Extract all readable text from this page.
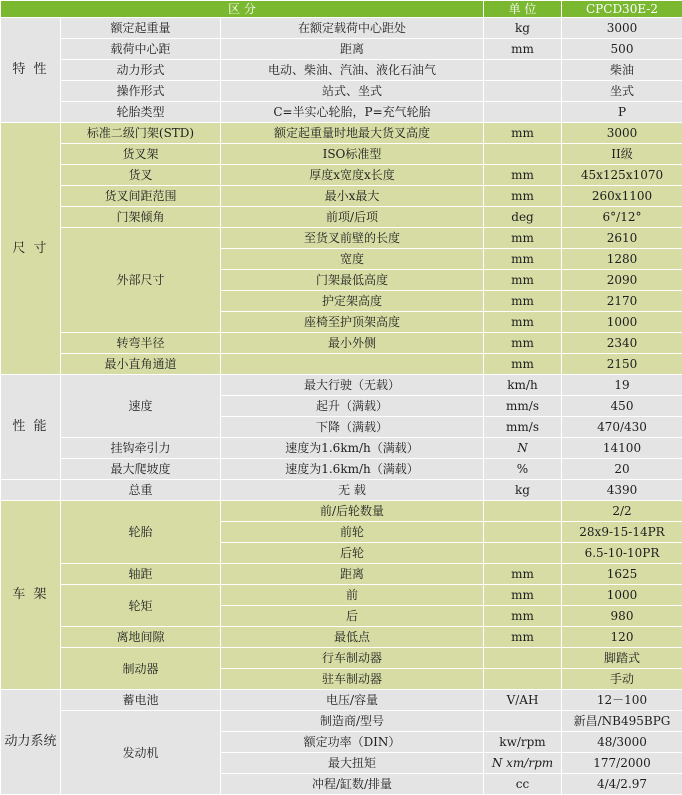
区 分			单 位	CPCD30E-2
特 性	额定起重量	在额定载荷中心距处	kg	3000
	载荷中心距	距离	mm	500
	动力形式	电动、柴油、汽油、液化石油气		柴油
	操作形式	站式、坐式		坐式
	轮胎类型	C=半实心轮胎，P=充气轮胎		P
尺 寸	标准二级门架(STD)	额定起重量时地最大货叉高度	mm	3000
	货叉架	ISO标准型		II级
	货叉	厚度x宽度x长度	mm	45x125x1070
	货叉间距范围	最小x最大	mm	260x1100
	门架倾角	前项/后项	deg	6°/12°
	外部尺寸	至货叉前壁的长度	mm	2610
		宽度	mm	1280
		门架最低高度	mm	2090
		护定架高度	mm	2170
		座椅至护顶架高度	mm	1000
	转弯半径	最小外侧	mm	2340
	最小直角通道		mm	2150
性 能	速度	最大行驶（无载）	km/h	19
		起升（满载）	mm/s	450
		下降（满载）	mm/s	470/430
	挂钩牵引力	速度为1.6km/h（满载）	N	14100
	最大爬坡度	速度为1.6km/h（满载）	%	20
	总重	无 载	kg	4390
车 架	轮胎	前/后轮数量		2/2
		前轮		28x9-15-14PR
		后轮		6.5-10-10PR
	轴距	距离	mm	1625
	轮矩	前	mm	1000
		后	mm	980
	离地间隙	最低点	mm	120
	制动器	行车制动器		脚踏式
		驻车制动器		手动
动力系统	蓄电池	电压/容量	V/AH	12－100
	发动机	制造商/型号		新昌/NB495BPG
		额定功率（DIN）	kw/rpm	48/3000
		最大扭矩	N xm/rpm	177/2000
		冲程/缸数/排量	cc	4/4/2.97
